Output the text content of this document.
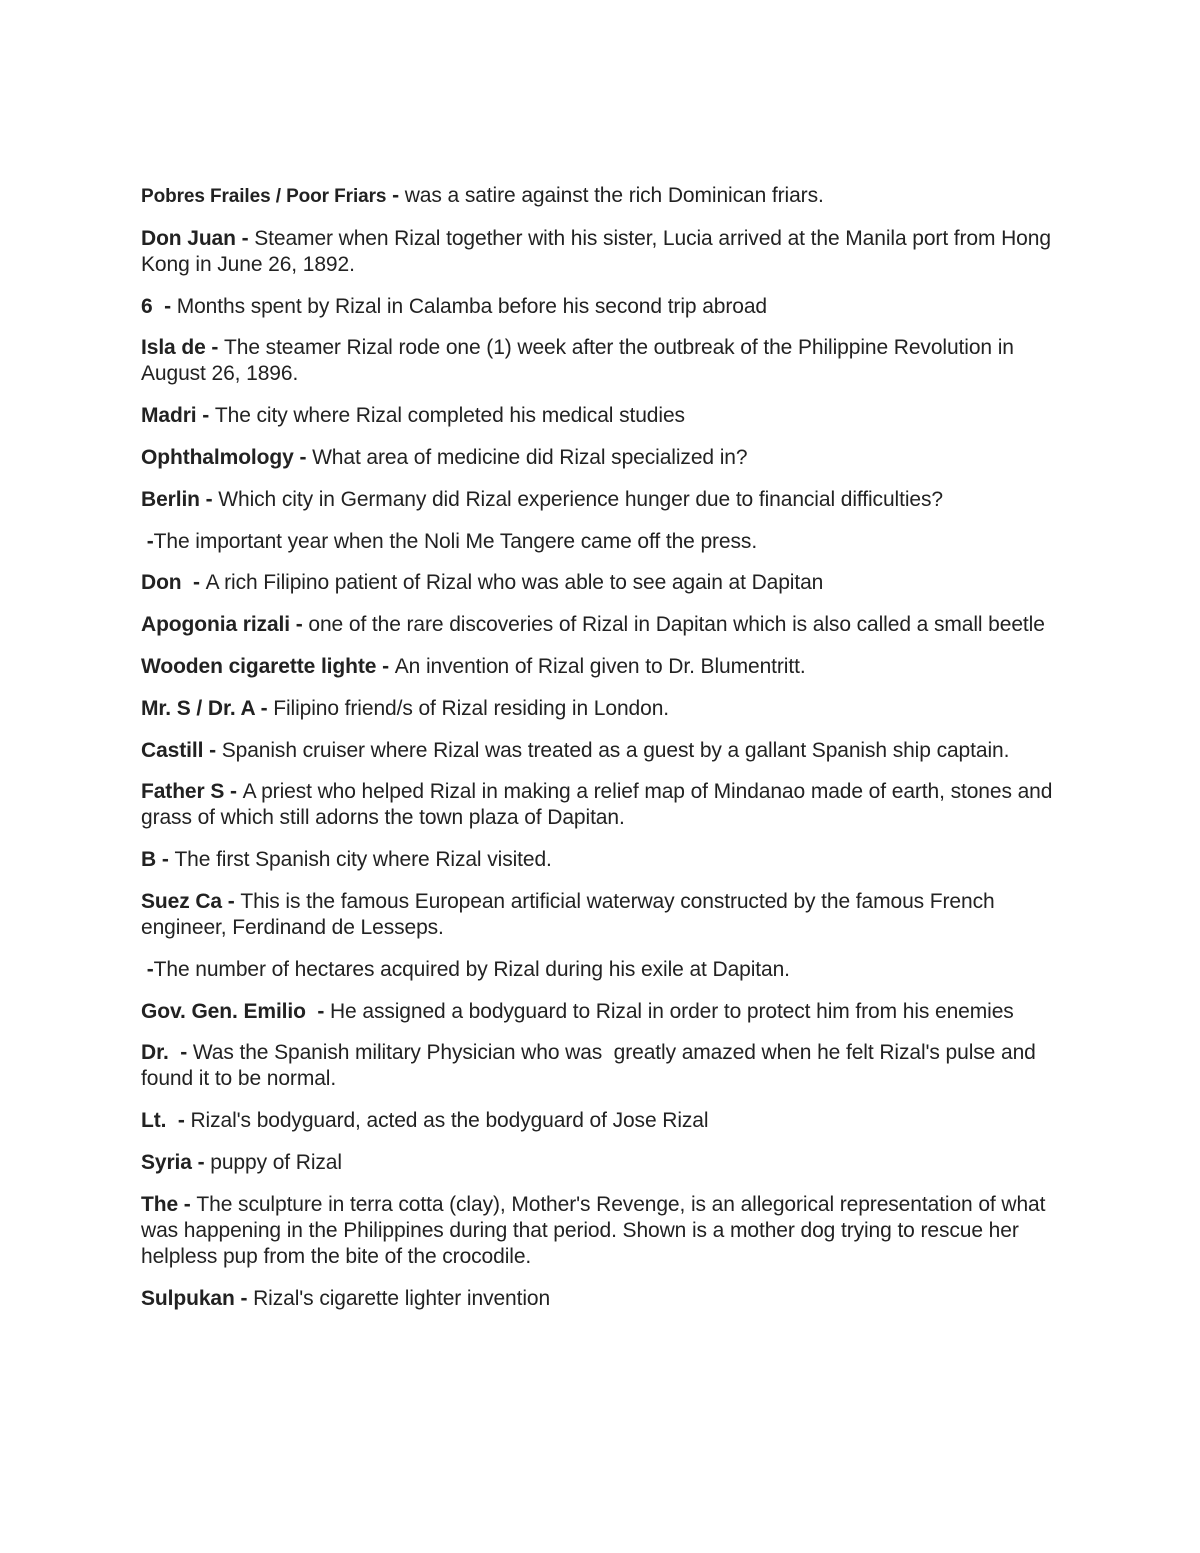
Pobres Frailes / Poor Friars - was a satire against the rich Dominican friars.

Don Juan - Steamer when Rizal together with his sister, Lucia arrived at the Manila port from Hong Kong in June 26, 1892.

6  - Months spent by Rizal in Calamba before his second trip abroad

Isla de - The steamer Rizal rode one (1) week after the outbreak of the Philippine Revolution in August 26, 1896.

Madri - The city where Rizal completed his medical studies

Ophthalmology - What area of medicine did Rizal specialized in?

Berlin - Which city in Germany did Rizal experience hunger due to financial difficulties?

-The important year when the Noli Me Tangere came off the press.

Don  - A rich Filipino patient of Rizal who was able to see again at Dapitan

Apogonia rizali - one of the rare discoveries of Rizal in Dapitan which is also called a small beetle

Wooden cigarette lighte - An invention of Rizal given to Dr. Blumentritt.

Mr. S / Dr. A - Filipino friend/s of Rizal residing in London.

Castill - Spanish cruiser where Rizal was treated as a guest by a gallant Spanish ship captain.

Father S - A priest who helped Rizal in making a relief map of Mindanao made of earth, stones and grass of which still adorns the town plaza of Dapitan.

B - The first Spanish city where Rizal visited.

Suez Ca - This is the famous European artificial waterway constructed by the famous French engineer, Ferdinand de Lesseps.

-The number of hectares acquired by Rizal during his exile at Dapitan.

Gov. Gen. Emilio  - He assigned a bodyguard to Rizal in order to protect him from his enemies

Dr.  - Was the Spanish military Physician who was  greatly amazed when he felt Rizal's pulse and found it to be normal.

Lt.  - Rizal's bodyguard, acted as the bodyguard of Jose Rizal

Syria - puppy of Rizal

The - The sculpture in terra cotta (clay), Mother's Revenge, is an allegorical representation of what was happening in the Philippines during that period. Shown is a mother dog trying to rescue her helpless pup from the bite of the crocodile.

Sulpukan - Rizal's cigarette lighter invention
